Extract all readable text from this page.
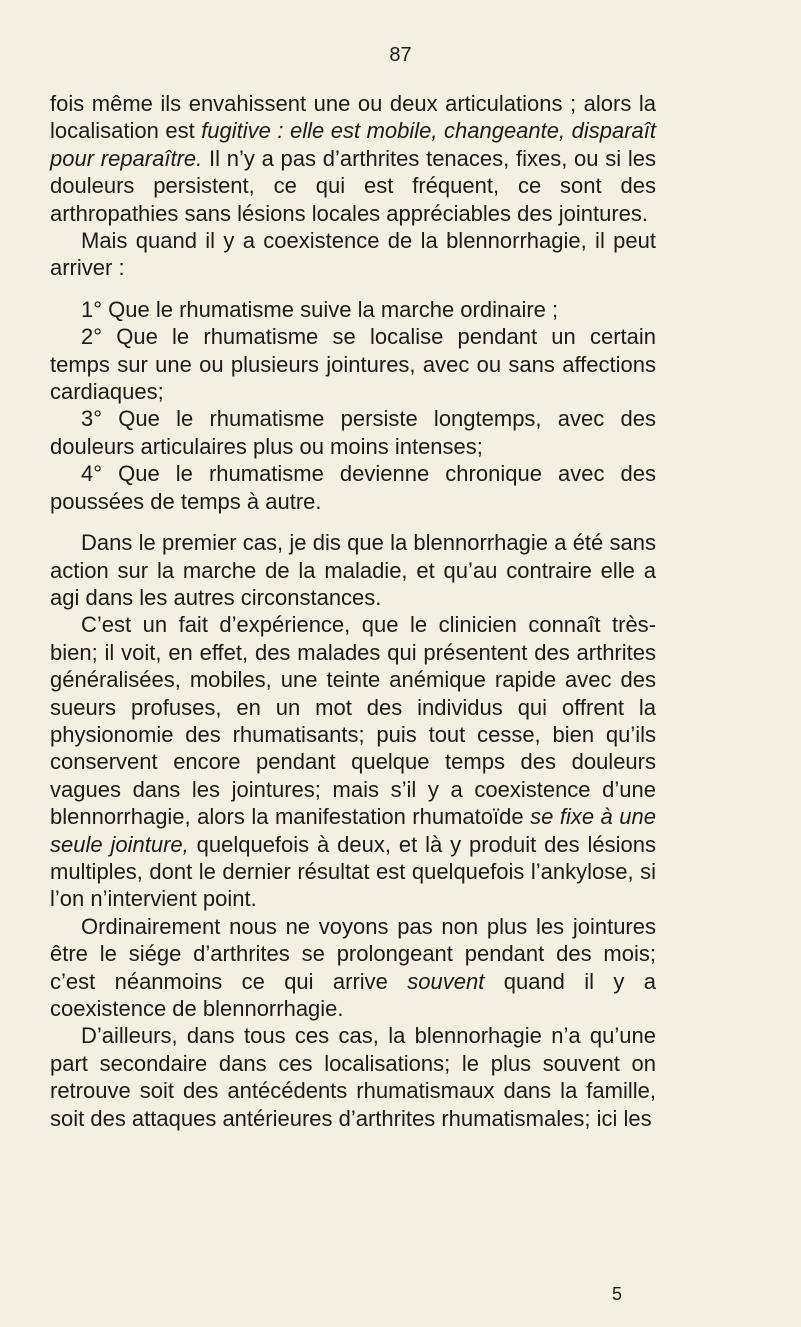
87

fois même ils envahissent une ou deux articulations ; alors la localisation est fugitive : elle est mobile, changeante, disparaît pour reparaître. Il n’y a pas d’arthrites tenaces, fixes, ou si les douleurs persistent, ce qui est fréquent, ce sont des arthropathies sans lésions locales appréciables des jointures.

Mais quand il y a coexistence de la blennorrhagie, il peut arriver :

1° Que le rhumatisme suive la marche ordinaire ;

2° Que le rhumatisme se localise pendant un certain temps sur une ou plusieurs jointures, avec ou sans affections cardiaques;

3° Que le rhumatisme persiste longtemps, avec des douleurs articulaires plus ou moins intenses;

4° Que le rhumatisme devienne chronique avec des poussées de temps à autre.

Dans le premier cas, je dis que la blennorrhagie a été sans action sur la marche de la maladie, et qu’au contraire elle a agi dans les autres circonstances.

C’est un fait d’expérience, que le clinicien connaît très-bien; il voit, en effet, des malades qui présentent des arthrites généralisées, mobiles, une teinte anémique rapide avec des sueurs profuses, en un mot des individus qui offrent la physionomie des rhumatisants; puis tout cesse, bien qu’ils conservent encore pendant quelque temps des douleurs vagues dans les jointures; mais s’il y a coexistence d’une blennorrhagie, alors la manifestation rhumatoïde se fixe à une seule jointure, quelquefois à deux, et là y produit des lésions multiples, dont le dernier résultat est quelquefois l’ankylose, si l’on n’intervient point.

Ordinairement nous ne voyons pas non plus les jointures être le siége d’arthrites se prolongeant pendant des mois; c’est néanmoins ce qui arrive souvent quand il y a coexistence de blennorrhagie.

D’ailleurs, dans tous ces cas, la blennorhagie n’a qu’une part secondaire dans ces localisations; le plus souvent on retrouve soit des antécédents rhumatismaux dans la famille, soit des attaques antérieures d’arthrites rhumatismales; ici les

5
